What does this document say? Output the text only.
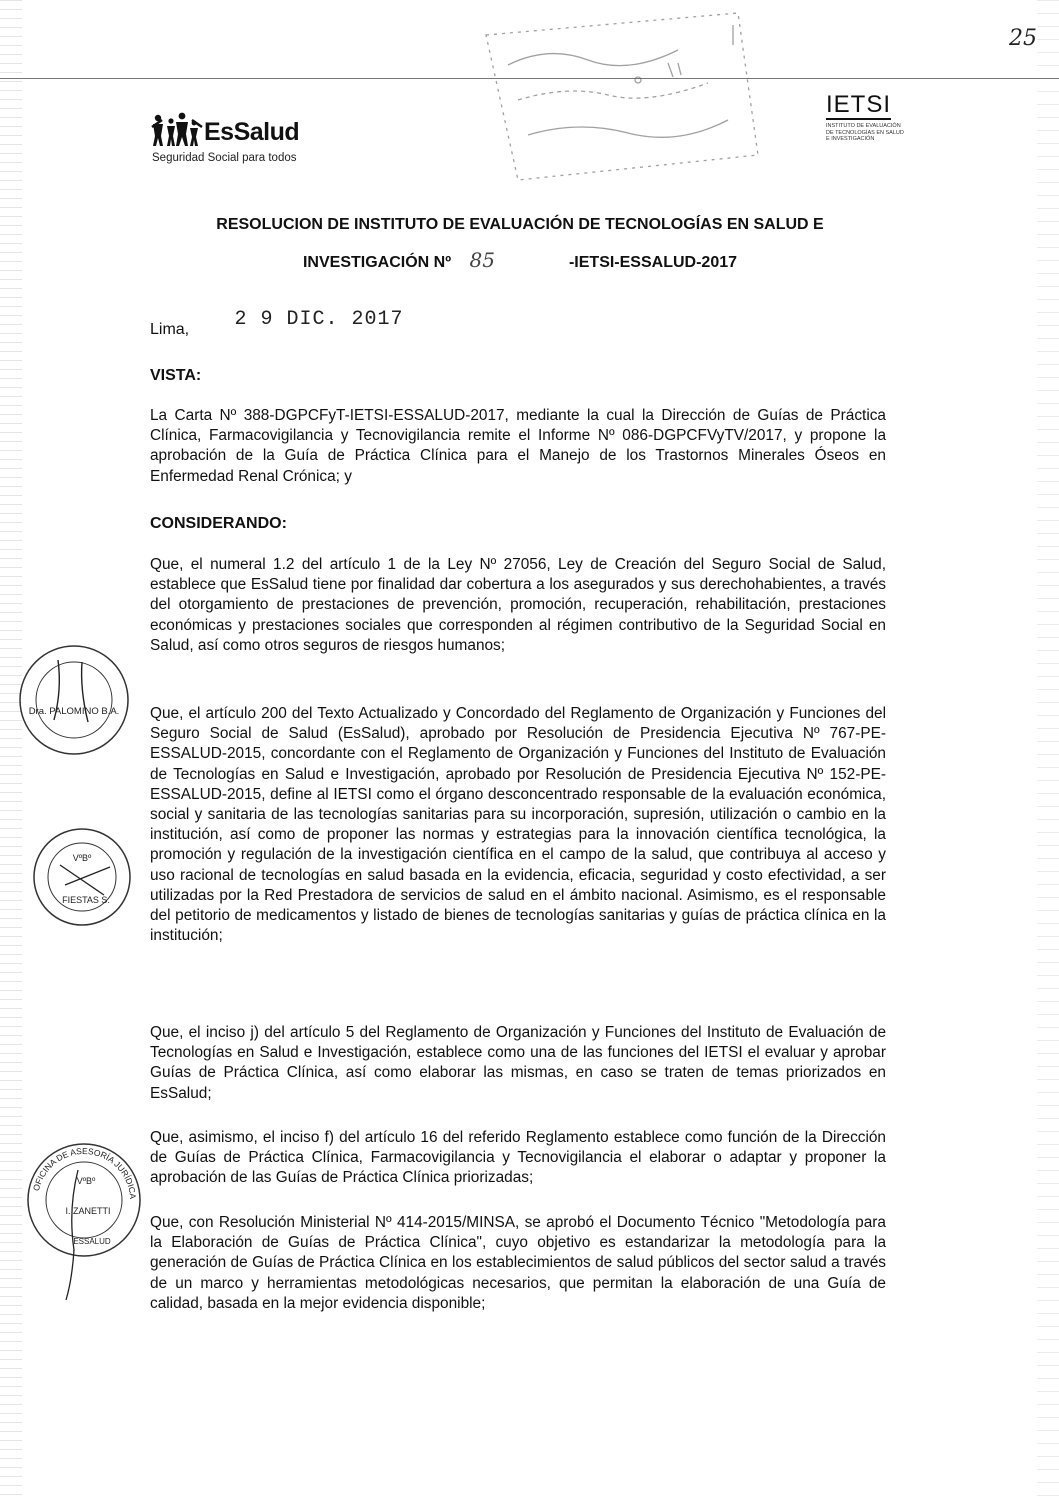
25
EsSalud
Seguridad Social para todos
IETSI
INSTITUTO DE EVALUACIÓN DE TECNOLOGÍAS EN SALUD E INVESTIGACIÓN
RESOLUCION DE INSTITUTO DE EVALUACIÓN DE TECNOLOGÍAS EN SALUD E
INVESTIGACIÓN Nº 85	-IETSI-ESSALUD-2017
Lima, 2 9 DIC. 2017
VISTA:

La Carta Nº 388-DGPCFyT-IETSI-ESSALUD-2017, mediante la cual la Dirección de Guías de Práctica Clínica, Farmacovigilancia y Tecnovigilancia remite el Informe Nº 086-DGPCFVyTV/2017, y propone la aprobación de la Guía de Práctica Clínica para el Manejo de los Trastornos Minerales Óseos en Enfermedad Renal Crónica; y

CONSIDERANDO:

Que, el numeral 1.2 del artículo 1 de la Ley Nº 27056, Ley de Creación del Seguro Social de Salud, establece que EsSalud tiene por finalidad dar cobertura a los asegurados y sus derechohabientes, a través del otorgamiento de prestaciones de prevención, promoción, recuperación, rehabilitación, prestaciones económicas y prestaciones sociales que corresponden al régimen contributivo de la Seguridad Social en Salud, así como otros seguros de riesgos humanos;

Que, el artículo 200 del Texto Actualizado y Concordado del Reglamento de Organización y Funciones del Seguro Social de Salud (EsSalud), aprobado por Resolución de Presidencia Ejecutiva Nº 767-PE-ESSALUD-2015, concordante con el Reglamento de Organización y Funciones del Instituto de Evaluación de Tecnologías en Salud e Investigación, aprobado por Resolución de Presidencia Ejecutiva Nº 152-PE-ESSALUD-2015, define al IETSI como el órgano desconcentrado responsable de la evaluación económica, social y sanitaria de las tecnologías sanitarias para su incorporación, supresión, utilización o cambio en la institución, así como de proponer las normas y estrategias para la innovación científica tecnológica, la promoción y regulación de la investigación científica en el campo de la salud, que contribuya al acceso y uso racional de tecnologías en salud basada en la evidencia, eficacia, seguridad y costo efectividad, a ser utilizadas por la Red Prestadora de servicios de salud en el ámbito nacional. Asimismo, es el responsable del petitorio de medicamentos y listado de bienes de tecnologías sanitarias y guías de práctica clínica en la institución;

Que, el inciso j) del artículo 5 del Reglamento de Organización y Funciones del Instituto de Evaluación de Tecnologías en Salud e Investigación, establece como una de las funciones del IETSI el evaluar y aprobar Guías de Práctica Clínica, así como elaborar las mismas, en caso se traten de temas priorizados en EsSalud;

Que, asimismo, el inciso f) del artículo 16 del referido Reglamento establece como función de la Dirección de Guías de Práctica Clínica, Farmacovigilancia y Tecnovigilancia el elaborar o adaptar y proponer la aprobación de las Guías de Práctica Clínica priorizadas;

Que, con Resolución Ministerial Nº 414-2015/MINSA, se aprobó el Documento Técnico "Metodología para la Elaboración de Guías de Práctica Clínica", cuyo objetivo es estandarizar la metodología para la generación de Guías de Práctica Clínica en los establecimientos de salud públicos del sector salud a través de un marco y herramientas metodológicas necesarios, que permitan la elaboración de una Guía de calidad, basada en la mejor evidencia disponible;

Dra. PALOMINO B.A.
VºBº
FIESTAS S.
OFICINA DE ASESORÍA JURÍDICA
VºBº
I. ZANETTI
ESSALUD
